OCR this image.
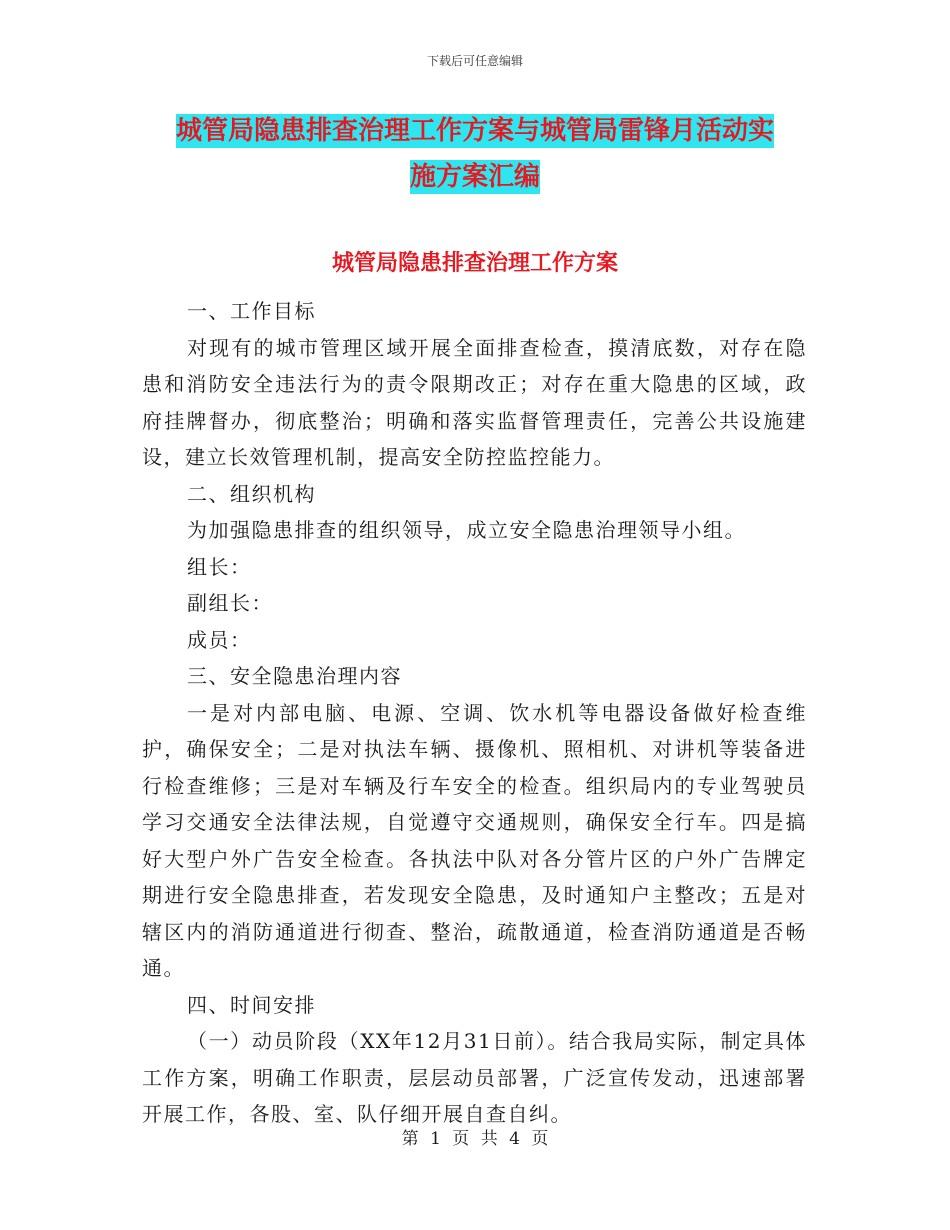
下载后可任意编辑
城管局隐患排查治理工作方案与城管局雷锋月活动实
施方案汇编
城管局隐患排查治理工作方案

一、工作目标

对现有的城市管理区域开展全面排查检查，摸清底数，对存在隐患和消防安全违法行为的责令限期改正；对存在重大隐患的区域，政府挂牌督办，彻底整治；明确和落实监督管理责任，完善公共设施建设，建立长效管理机制，提高安全防控监控能力。

二、组织机构

为加强隐患排查的组织领导，成立安全隐患治理领导小组。

组长：

副组长：

成员：

三、安全隐患治理内容

一是对内部电脑、电源、空调、饮水机等电器设备做好检查维护，确保安全；二是对执法车辆、摄像机、照相机、对讲机等装备进行检查维修；三是对车辆及行车安全的检查。组织局内的专业驾驶员学习交通安全法律法规，自觉遵守交通规则，确保安全行车。四是搞好大型户外广告安全检查。各执法中队对各分管片区的户外广告牌定期进行安全隐患排查，若发现安全隐患，及时通知户主整改；五是对辖区内的消防通道进行彻查、整治，疏散通道，检查消防通道是否畅通。

四、时间安排

（一）动员阶段（XX年12月31日前）。结合我局实际，制定具体工作方案，明确工作职责，层层动员部署，广泛宣传发动，迅速部署开展工作，各股、室、队仔细开展自查自纠。

第 1 页 共 4 页
